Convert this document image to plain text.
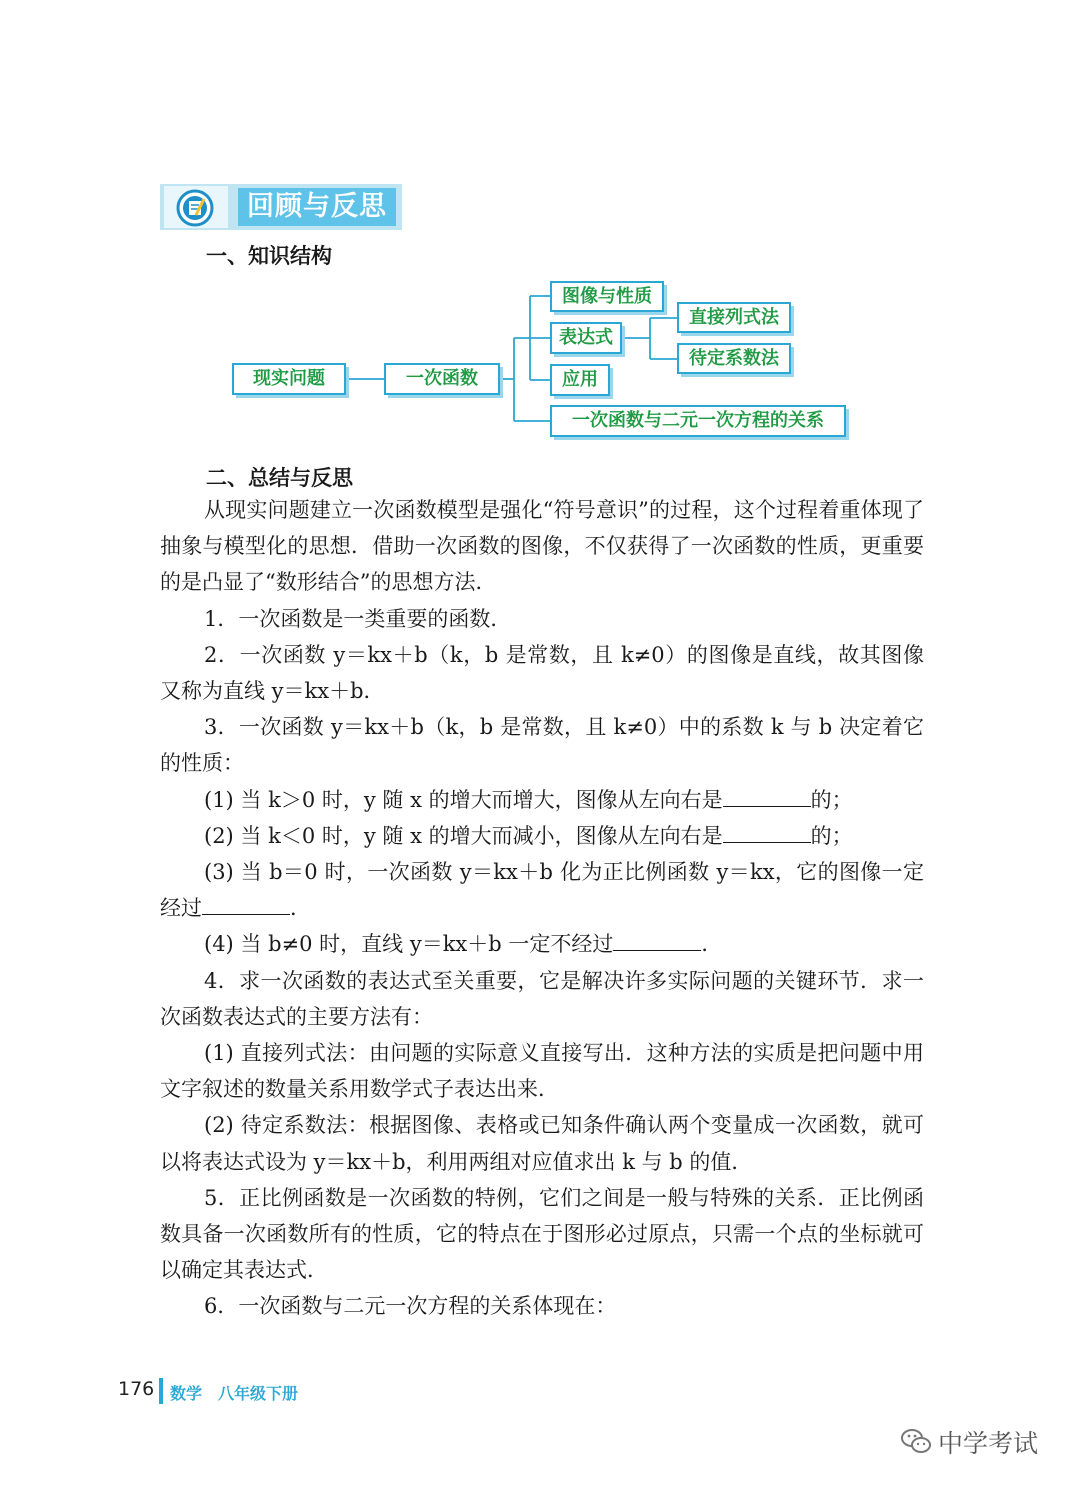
回顾与反思
一、知识结构
现实问题	一次函数
图像与性质
表达式
直接列式法
待定系数法
应用
一次函数与二元一次方程的关系
二、总结与反思

从现实问题建立一次函数模型是强化“符号意识”的过程，这个过程着重体现了抽象与模型化的思想．借助一次函数的图像，不仅获得了一次函数的性质，更重要的是凸显了“数形结合”的思想方法．

1．一次函数是一类重要的函数．

2．一次函数 y＝kx＋b（k，b 是常数，且 k≠0）的图像是直线，故其图像又称为直线 y＝kx＋b．

3．一次函数 y＝kx＋b（k，b 是常数，且 k≠0）中的系数 k 与 b 决定着它的性质：

(1) 当 k＞0 时，y 随 x 的增大而增大，图像从左向右是	的；

(2) 当 k＜0 时，y 随 x 的增大而减小，图像从左向右是	的；

(3) 当 b＝0 时，一次函数 y＝kx＋b 化为正比例函数 y＝kx，它的图像一定经过	．

(4) 当 b≠0 时，直线 y＝kx＋b 一定不经过	．

4．求一次函数的表达式至关重要，它是解决许多实际问题的关键环节．求一次函数表达式的主要方法有：

(1) 直接列式法：由问题的实际意义直接写出．这种方法的实质是把问题中用文字叙述的数量关系用数学式子表达出来．

(2) 待定系数法：根据图像、表格或已知条件确认两个变量成一次函数，就可以将表达式设为 y＝kx＋b，利用两组对应值求出 k 与 b 的值．

5．正比例函数是一次函数的特例，它们之间是一般与特殊的关系．正比例函数具备一次函数所有的性质，它的特点在于图形必过原点，只需一个点的坐标就可以确定其表达式．

6．一次函数与二元一次方程的关系体现在：

176 数学　八年级下册
中学考试
